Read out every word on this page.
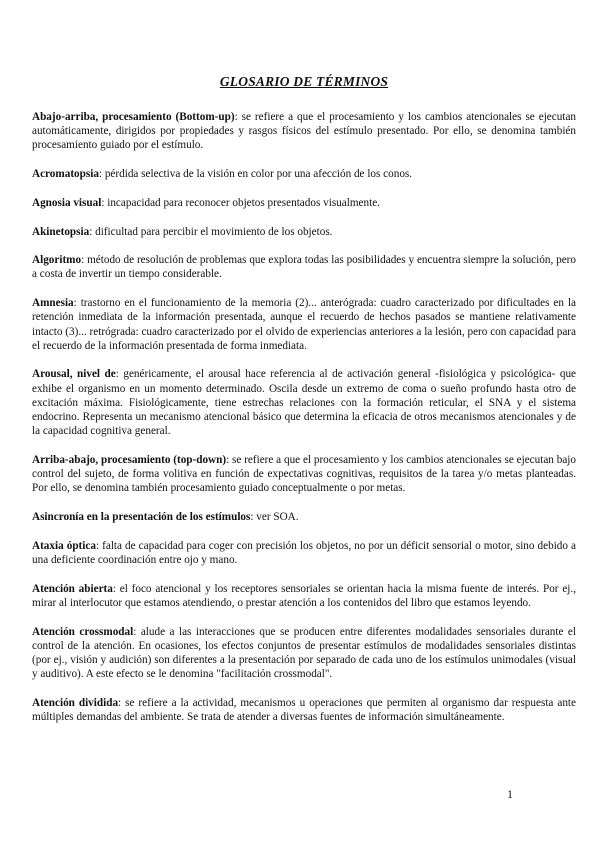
GLOSARIO DE TÉRMINOS

Abajo-arriba, procesamiento (Bottom-up): se refiere a que el procesamiento y los cambios atencionales se ejecutan automáticamente, dirigidos por propiedades y rasgos físicos del estímulo presentado. Por ello, se denomina también procesamiento guiado por el estímulo.

Acromatopsia: pérdida selectiva de la visión en color por una afección de los conos.

Agnosia visual: incapacidad para reconocer objetos presentados visualmente.

Akinetopsia: dificultad para percibir el movimiento de los objetos.

Algoritmo: método de resolución de problemas que explora todas las posibilidades y encuentra siempre la solución, pero a costa de invertir un tiempo considerable.

Amnesia: trastorno en el funcionamiento de la memoria (2)... anterógrada: cuadro caracterizado por dificultades en la retención inmediata de la información presentada, aunque el recuerdo de hechos pasados se mantiene relativamente intacto (3)... retrógrada: cuadro caracterizado por el olvido de experiencias anteriores a la lesión, pero con capacidad para el recuerdo de la información presentada de forma inmediata.

Arousal, nivel de: genéricamente, el arousal hace referencia al de activación general -fisiológica y psicológica- que exhibe el organismo en un momento determinado. Oscila desde un extremo de coma o sueño profundo hasta otro de excitación máxima. Fisiológicamente, tiene estrechas relaciones con la formación reticular, el SNA y el sistema endocrino. Representa un mecanismo atencional básico que determina la eficacia de otros mecanismos atencionales y de la capacidad cognitiva general.

Arriba-abajo, procesamiento (top-down): se refiere a que el procesamiento y los cambios atencionales se ejecutan bajo control del sujeto, de forma volitiva en función de expectativas cognitivas, requisitos de la tarea y/o metas planteadas. Por ello, se denomina también procesamiento guiado conceptualmente o por metas.

Asincronía en la presentación de los estímulos: ver SOA.

Ataxia óptica: falta de capacidad para coger con precisión los objetos, no por un déficit sensorial o motor, sino debido a una deficiente coordinación entre ojo y mano.

Atención abierta: el foco atencional y los receptores sensoriales se orientan hacia la misma fuente de interés. Por ej., mirar al interlocutor que estamos atendiendo, o prestar atención a los contenidos del libro que estamos leyendo.

Atención crossmodal: alude a las interacciones que se producen entre diferentes modalidades sensoriales durante el control de la atención. En ocasiones, los efectos conjuntos de presentar estímulos de modalidades sensoriales distintas (por ej., visión y audición) son diferentes a la presentación por separado de cada uno de los estímulos unimodales (visual y auditivo). A este efecto se le denomina "facilitación crossmodal".

Atención dividida: se refiere a la actividad, mecanismos u operaciones que permiten al organismo dar respuesta ante múltiples demandas del ambiente. Se trata de atender a diversas fuentes de información simultáneamente.

1
